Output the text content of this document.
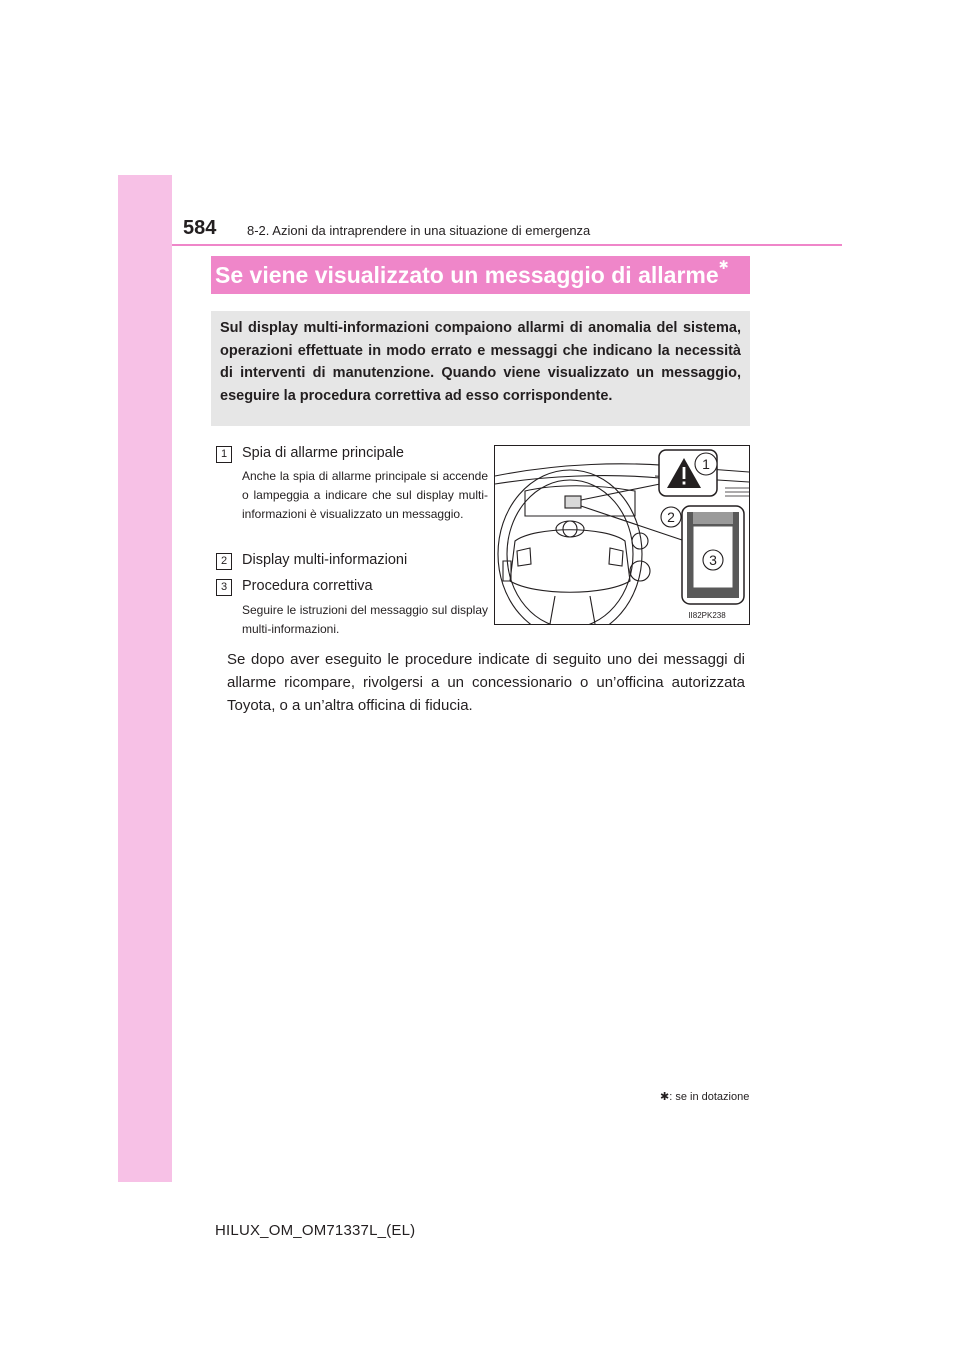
584 8-2. Azioni da intraprendere in una situazione di emergenza
Se viene visualizzato un messaggio di allarme✱
Sul display multi-informazioni compaiono allarmi di anomalia del sistema, operazioni effettuate in modo errato e messaggi che indicano la necessità di interventi di manutenzione. Quando viene visualizzato un messaggio, eseguire la procedura correttiva ad esso corrispondente.
1	Spia di allarme principale
Anche la spia di allarme principale si accende o lampeggia a indicare che sul display multi-informazioni è visualizzato un messaggio.
2	Display multi-informazioni
3	Procedura correttiva
Seguire le istruzioni del messaggio sul display multi-informazioni.
1
2
3
II82PK238
Se dopo aver eseguito le procedure indicate di seguito uno dei messaggi di allarme ricompare, rivolgersi a un concessionario o un’officina autorizzata Toyota, o a un’altra officina di fiducia.
✱: se in dotazione
HILUX_OM_OM71337L_(EL)
